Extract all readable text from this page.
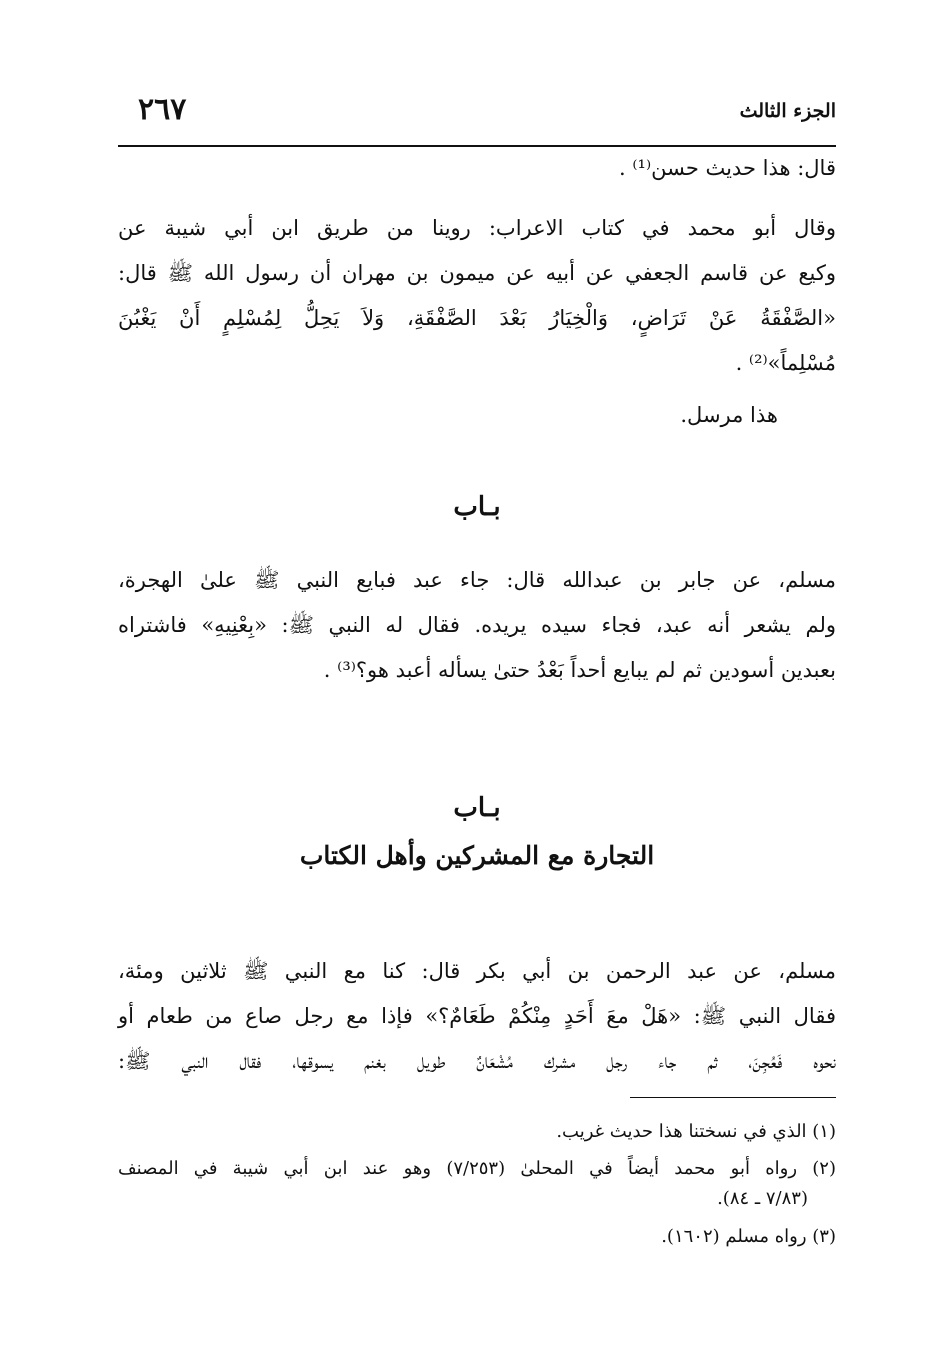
الجزء الثالث
٢٦٧
قال: هذا حديث حسن⁽¹⁾ .
وقال أبو محمد في كتاب الاعراب: روينا من طريق ابن أبي شيبة عن
وكيع عن قاسم الجعفي عن أبيه عن ميمون بن مهران أن رسول الله ﷺ قال:
«الصَّفْقَةُ عَنْ تَرَاضٍ، وَالْخِيَارُ بَعْدَ الصَّفْقَةِ، وَلاَ يَحِلُّ لِمُسْلِمٍ أَنْ يَغْبُنَ
مُسْلِماً»⁽²⁾ .
هذا مرسل.
بـاب
مسلم، عن جابر بن عبدالله قال: جاء عبد فبايع النبي ﷺ علىٰ الهجرة،
ولم يشعر أنه عبد، فجاء سيده يريده. فقال له النبي ﷺ: «بِعْنِيهِ» فاشتراه
بعبدين أسودين ثم لم يبايع أحداً بَعْدُ حتىٰ يسأله أعبد هو؟⁽³⁾ .
بـاب
التجارة مع المشركين وأهل الكتاب
مسلم، عن عبد الرحمن بن أبي بكر قال: كنا مع النبي ﷺ ثلاثين ومئة،
فقال النبي ﷺ: «هَلْ معَ أَحَدٍ مِنْكُمْ طَعَامٌ؟» فإذا مع رجل صاع من طعام أو
نحوه فَعُجِنَ، ثم جاء رجل مشرك مُشْعَانٌ طويل بغنم يسوقها، فقال النبي ﷺ:
(١) الذي في نسختنا هذا حديث غريب.
(٢) رواه أبو محمد أيضاً في المحلىٰ (٧/٢٥٣) وهو عند ابن أبي شيبة في المصنف
(٧/٨٣ ـ ٨٤).
(٣) رواه مسلم (١٦٠٢).
